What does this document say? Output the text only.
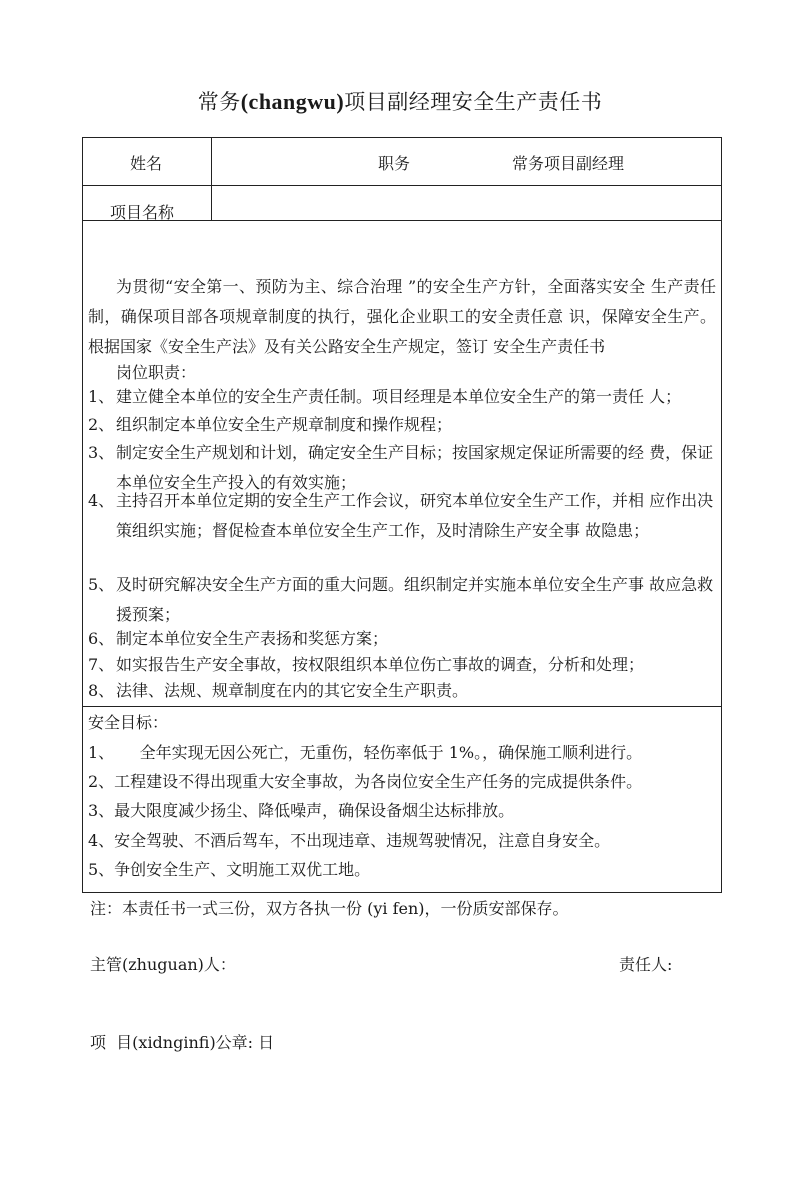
常务(changwu)项目副经理安全生产责任书
姓名	职务	常务项目副经理
项目名称
为贯彻“安全第一、预防为主、综合治理 ”的安全生产方针，全面落实安全 生产责任制，确保项目部各项规章制度的执行，强化企业职工的安全责任意 识，保障安全生产。根据国家《安全生产法》及有关公路安全生产规定，签订 安全生产责任书
岗位职责：
1、 建立健全本单位的安全生产责任制。项目经理是本单位安全生产的第一责任 人；
2、 组织制定本单位安全生产规章制度和操作规程；
3、 制定安全生产规划和计划，确定安全生产目标；按国家规定保证所需要的经 费，保证本单位安全生产投入的有效实施；
4、 主持召开本单位定期的安全生产工作会议，研究本单位安全生产工作，并相 应作出决策组织实施；督促检查本单位安全生产工作，及时清除生产安全事 故隐患；
5、 及时研究解决安全生产方面的重大问题。组织制定并实施本单位安全生产事 故应急救援预案；
6、 制定本单位安全生产表扬和奖惩方案；
7、 如实报告生产安全事故，按权限组织本单位伤亡事故的调查，分析和处理；
8、 法律、法规、规章制度在内的其它安全生产职责。
安全目标：
1、     全年实现无因公死亡，无重伤，轻伤率低于 1%。，确保施工顺利进行。
2、工程建设不得出现重大安全事故，为各岗位安全生产任务的完成提供条件。
3、最大限度减少扬尘、降低噪声，确保设备烟尘达标排放。
4、安全驾驶、不酒后驾车，不出现违章、违规驾驶情况，注意自身安全。
5、争创安全生产、文明施工双优工地。
注：本责任书一式三份，双方各执一份 (yi fen)，一份质安部保存。
主管(zhuguan)人：	责任人:
项  目(xidnginfi)公章: 日
